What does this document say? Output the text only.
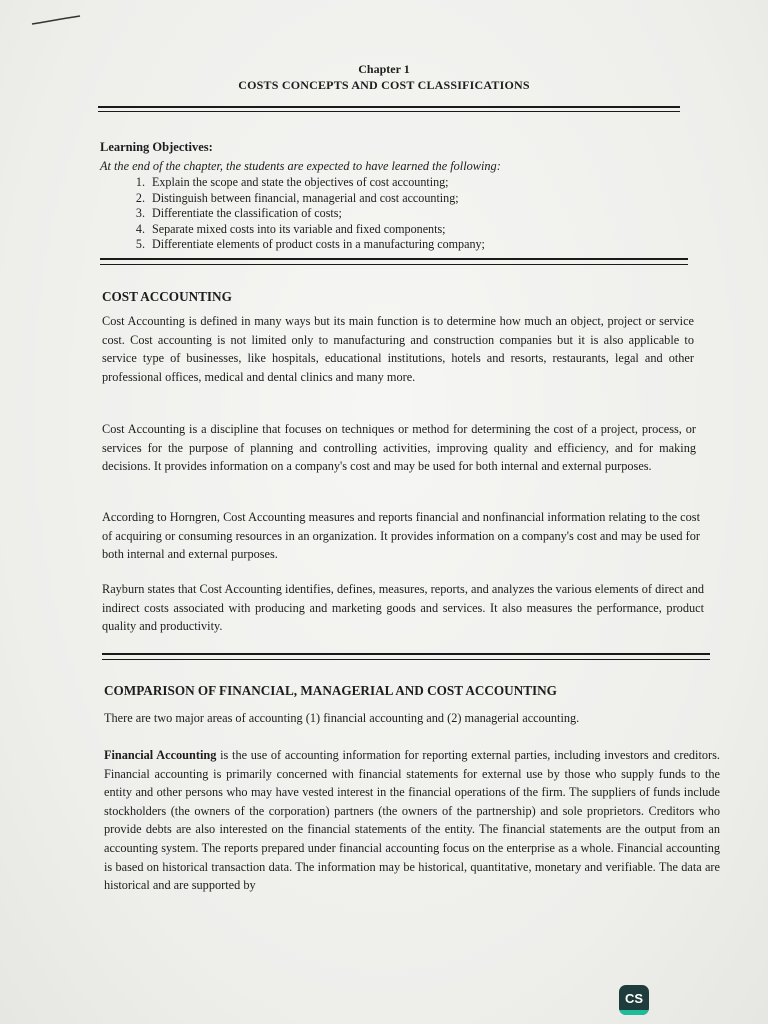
Chapter 1
COSTS CONCEPTS AND COST CLASSIFICATIONS
Learning Objectives:
At the end of the chapter, the students are expected to have learned the following:
1. Explain the scope and state the objectives of cost accounting;
2. Distinguish between financial, managerial and cost accounting;
3. Differentiate the classification of costs;
4. Separate mixed costs into its variable and fixed components;
5. Differentiate elements of product costs in a manufacturing company;
COST ACCOUNTING

Cost Accounting is defined in many ways but its main function is to determine how much an object, project or service cost. Cost accounting is not limited only to manufacturing and construction companies but it is also applicable to service type of businesses, like hospitals, educational institutions, hotels and resorts, restaurants, legal and other professional offices, medical and dental clinics and many more.

Cost Accounting is a discipline that focuses on techniques or method for determining the cost of a project, process, or services for the purpose of planning and controlling activities, improving quality and efficiency, and for making decisions. It provides information on a company's cost and may be used for both internal and external purposes.

According to Horngren, Cost Accounting measures and reports financial and nonfinancial information relating to the cost of acquiring or consuming resources in an organization. It provides information on a company's cost and may be used for both internal and external purposes.

Rayburn states that Cost Accounting identifies, defines, measures, reports, and analyzes the various elements of direct and indirect costs associated with producing and marketing goods and services. It also measures the performance, product quality and productivity.

COMPARISON OF FINANCIAL, MANAGERIAL AND COST ACCOUNTING

There are two major areas of accounting (1) financial accounting and (2) managerial accounting.

Financial Accounting is the use of accounting information for reporting external parties, including investors and creditors. Financial accounting is primarily concerned with financial statements for external use by those who supply funds to the entity and other persons who may have vested interest in the financial operations of the firm. The suppliers of funds include stockholders (the owners of the corporation) partners (the owners of the partnership) and sole proprietors. Creditors who provide debts are also interested on the financial statements of the entity. The financial statements are the output from an accounting system. The reports prepared under financial accounting focus on the enterprise as a whole. Financial accounting is based on historical transaction data. The information may be historical, quantitative, monetary and verifiable. The data are historical and are supported by

CS
